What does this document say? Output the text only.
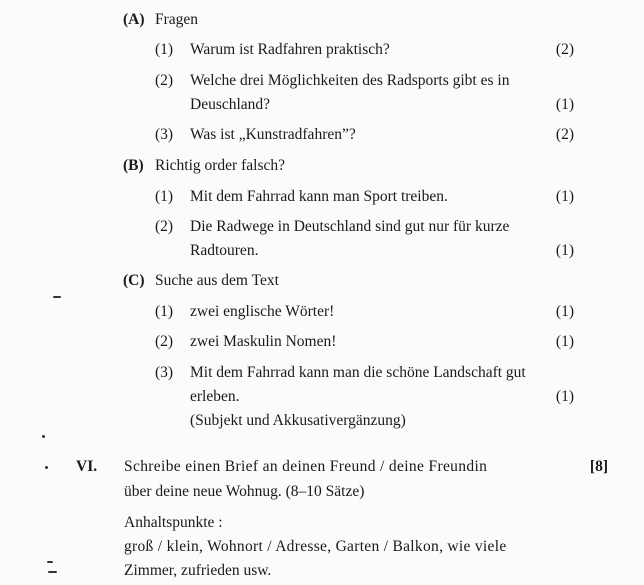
(A) Fragen
(1) Warum ist Radfahren praktisch?	(2)
(2) Welche drei Möglichkeiten des Radsports gibt es in
Deuschland?	(1)
(3) Was ist „Kunstradfahren”?	(2)
(B) Richtig order falsch?
(1) Mit dem Fahrrad kann man Sport treiben.	(1)
(2) Die Radwege in Deutschland sind gut nur für kurze
Radtouren.	(1)
(C) Suche aus dem Text
(1) zwei englische Wörter!	(1)
(2) zwei Maskulin Nomen!	(1)
(3) Mit dem Fahrrad kann man die schöne Landschaft gut
erleben.	(1)
(Subjekt und Akkusativergänzung)
VI. Schreibe einen Brief an deinen Freund / deine Freundin	[8]
über deine neue Wohnug. (8–10 Sätze)
Anhaltspunkte :
groß / klein, Wohnort / Adresse, Garten / Balkon, wie viele
Zimmer, zufrieden usw.
